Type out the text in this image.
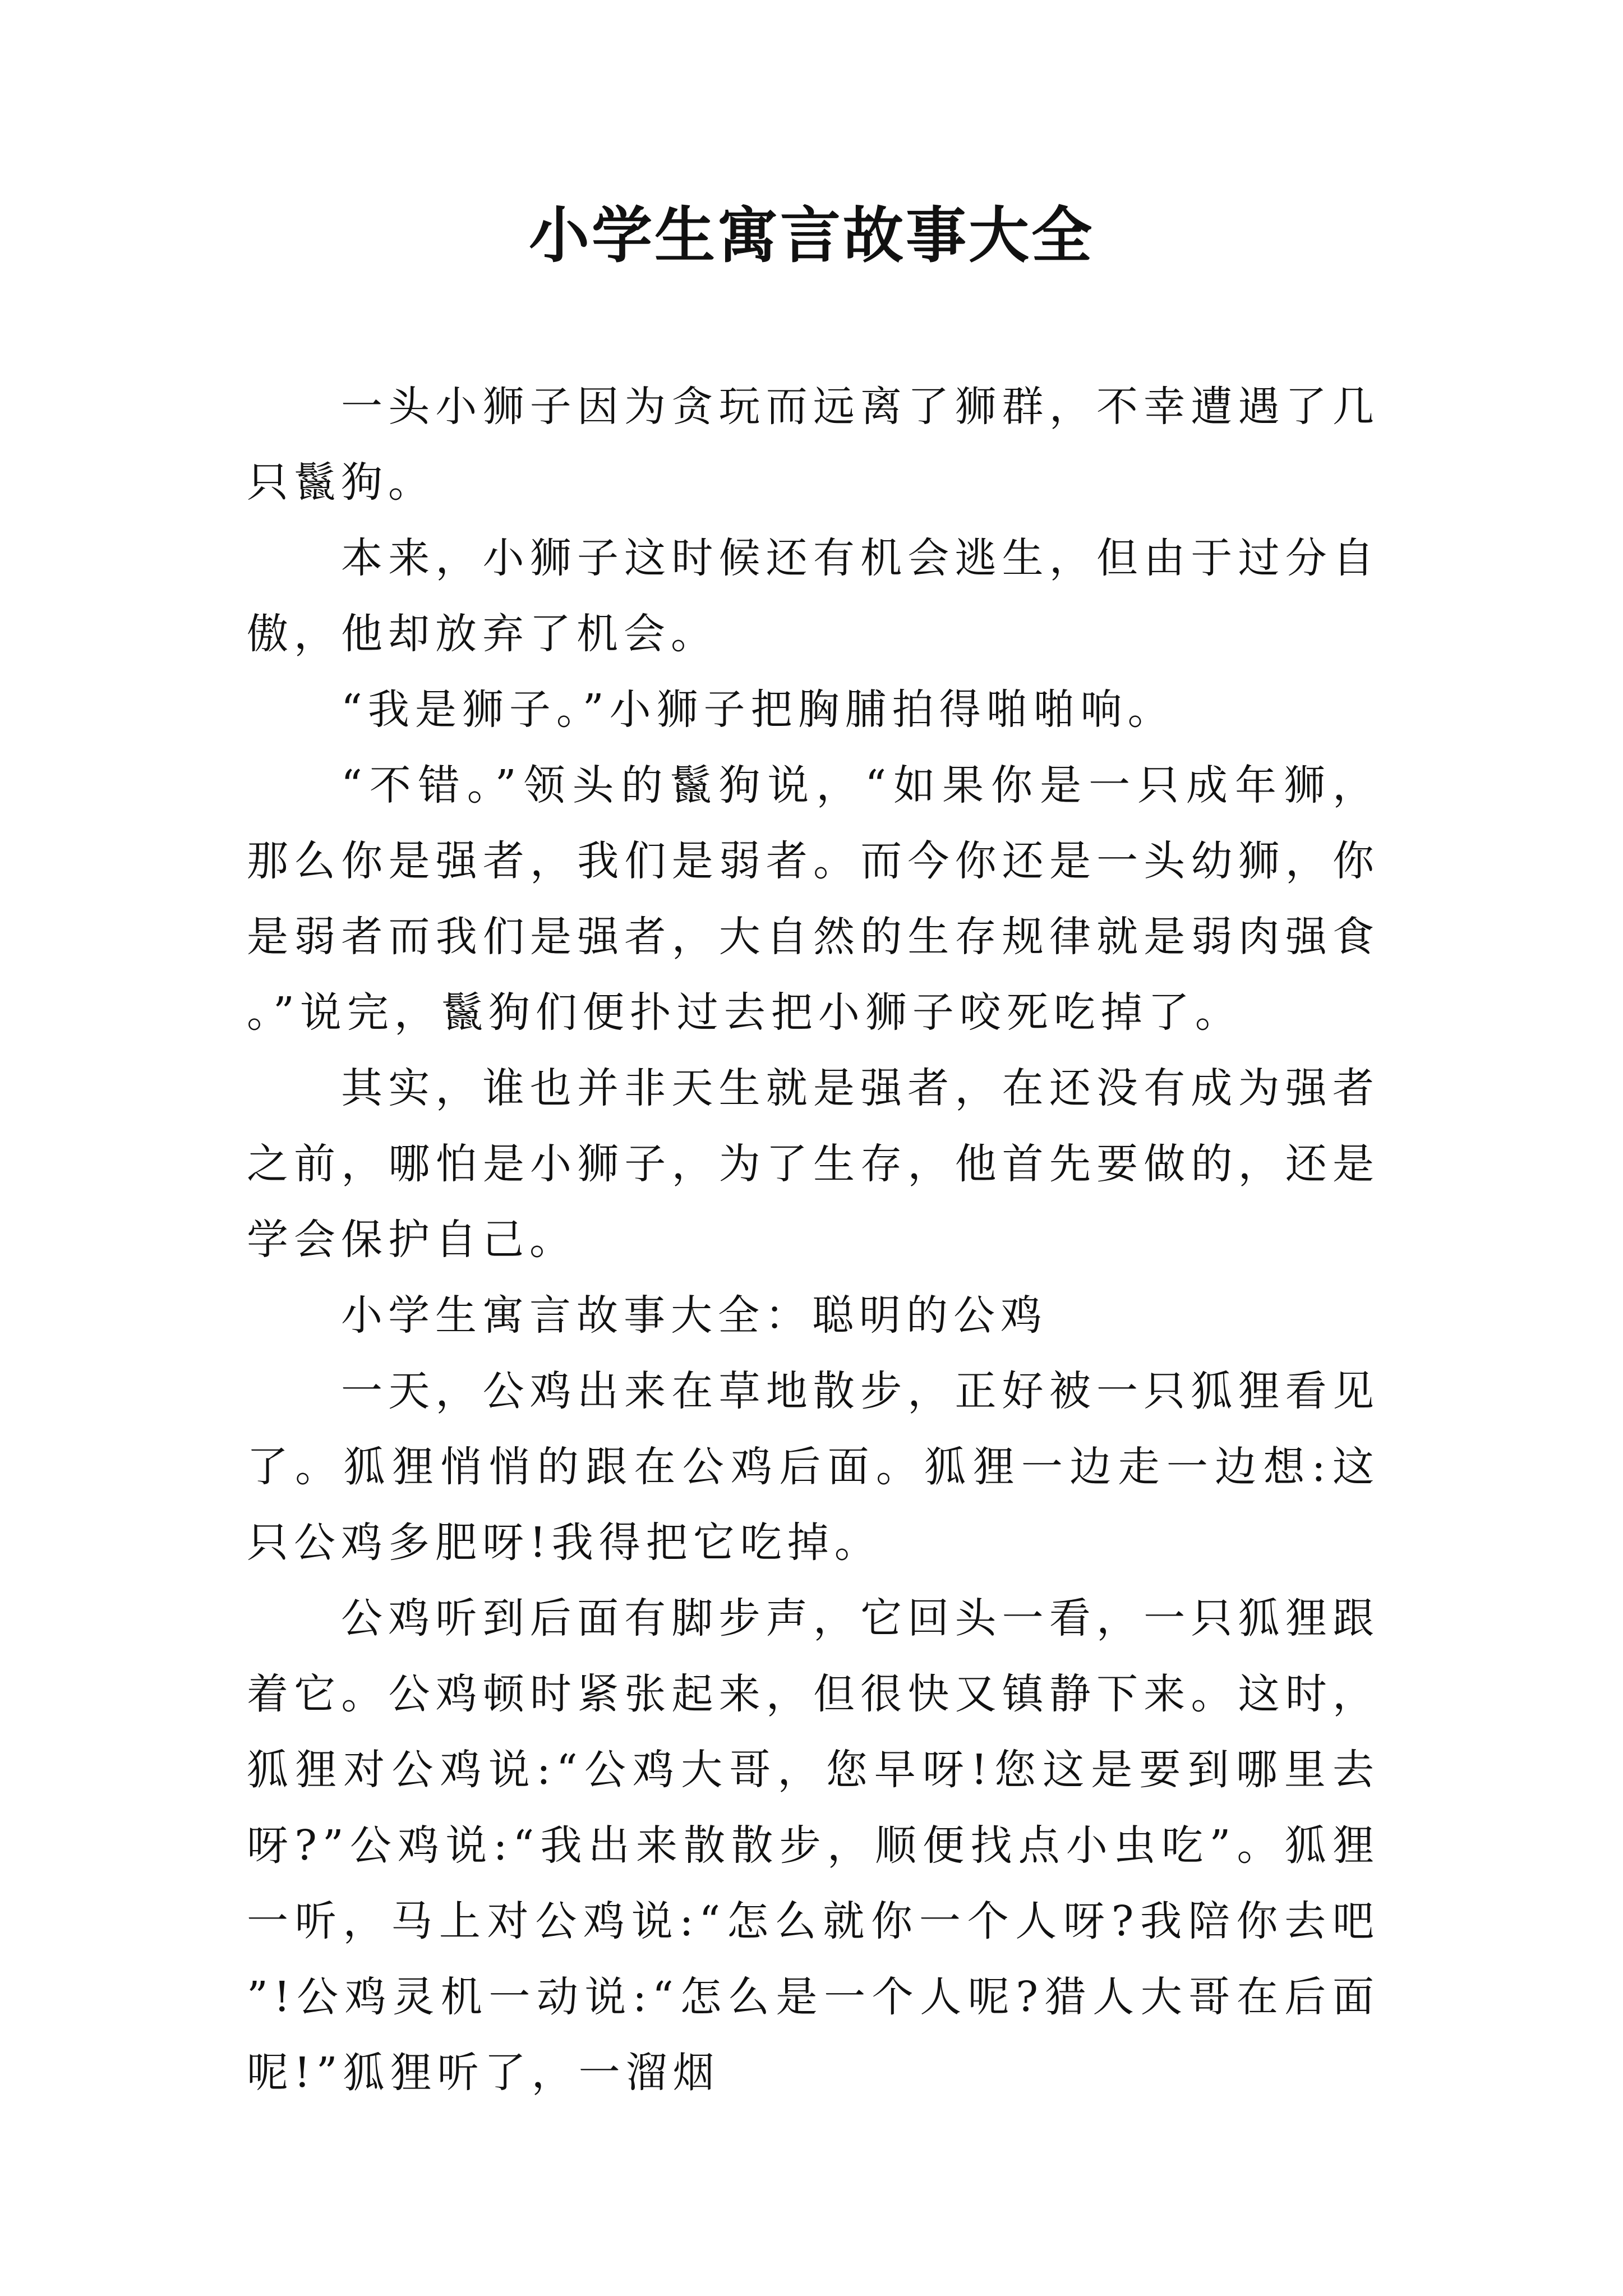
小学生寓言故事大全

一头小狮子因为贪玩而远离了狮群，不幸遭遇了几只鬣狗。

本来，小狮子这时候还有机会逃生，但由于过分自傲，他却放弃了机会。

“我是狮子。”小狮子把胸脯拍得啪啪响。

“不错。”领头的鬣狗说，“如果你是一只成年狮，那么你是强者，我们是弱者。而今你还是一头幼狮，你是弱者而我们是强者，大自然的生存规律就是弱肉强食。”说完，鬣狗们便扑过去把小狮子咬死吃掉了。

其实，谁也并非天生就是强者，在还没有成为强者之前，哪怕是小狮子，为了生存，他首先要做的，还是学会保护自己。

小学生寓言故事大全：聪明的公鸡

一天，公鸡出来在草地散步，正好被一只狐狸看见了。狐狸悄悄的跟在公鸡后面。狐狸一边走一边想:这只公鸡多肥呀!我得把它吃掉。

公鸡听到后面有脚步声，它回头一看，一只狐狸跟着它。公鸡顿时紧张起来，但很快又镇静下来。这时，狐狸对公鸡说:“公鸡大哥，您早呀!您这是要到哪里去呀?”公鸡说:“我出来散散步，顺便找点小虫吃”。狐狸一听，马上对公鸡说:“怎么就你一个人呀?我陪你去吧”!公鸡灵机一动说:“怎么是一个人呢?猎人大哥在后面呢!”狐狸听了，一溜烟
